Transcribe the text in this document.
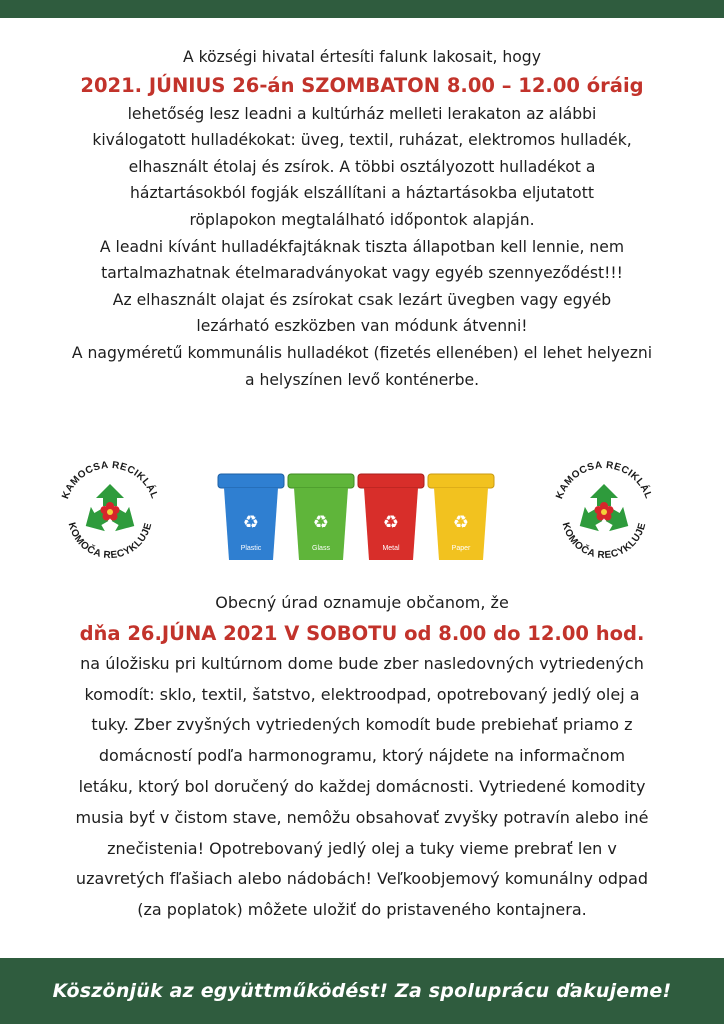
A községi hivatal értesíti falunk lakosait, hogy
2021. JÚNIUS 26-án SZOMBATON 8.00 – 12.00 óráig
lehetőség lesz leadni a kultúrház melleti lerakaton az alábbi
kiválogatott hulladékokat: üveg, textil, ruházat, elektromos hulladék,
elhasznált étolaj és zsírok. A többi osztályozott hulladékot a
háztartásokból fogják elszállítani a háztartásokba eljutatott
röplapokon megtalálható időpontok alapján.
A leadni kívánt hulladékfajtáknak tiszta állapotban kell lennie, nem
tartalmazhatnak ételmaradványokat vagy egyéb szennyeződést!!!
Az elhasznált olajat és zsírokat csak lezárt üvegben vagy egyéb
lezárható eszközben van módunk átvenni!
A nagyméretű kommunális hulladékot (fizetés ellenében) el lehet helyezni
a helyszínen levő konténerbe.
KAMOCSA RECIKLÁL
KOMOČA RECYKLUJE	♻
Plastic
♻
Glass
♻
Metal
♻
Paper
KAMOCSA RECIKLÁL
KOMOČA RECYKLUJE
Obecný úrad oznamuje občanom, že
dňa 26.JÚNA 2021 V SOBOTU od 8.00 do 12.00 hod.
na úložisku pri kultúrnom dome bude zber nasledovných vytriedených
komodít: sklo, textil, šatstvo, elektroodpad, opotrebovaný jedlý olej a
tuky. Zber zvyšných vytriedených komodít bude prebiehať priamo z
domácností podľa harmonogramu, ktorý nájdete na informačnom
letáku, ktorý bol doručený do každej domácnosti. Vytriedené komodity
musia byť v čistom stave, nemôžu obsahovať zvyšky potravín alebo iné
znečistenia! Opotrebovaný jedlý olej a tuky vieme prebrať len v
uzavretých fľašiach alebo nádobách! Veľkoobjemový komunálny odpad
(za poplatok) môžete uložiť do pristaveného kontajnera.
Köszönjük az együttműködést! Za spoluprácu ďakujeme!
